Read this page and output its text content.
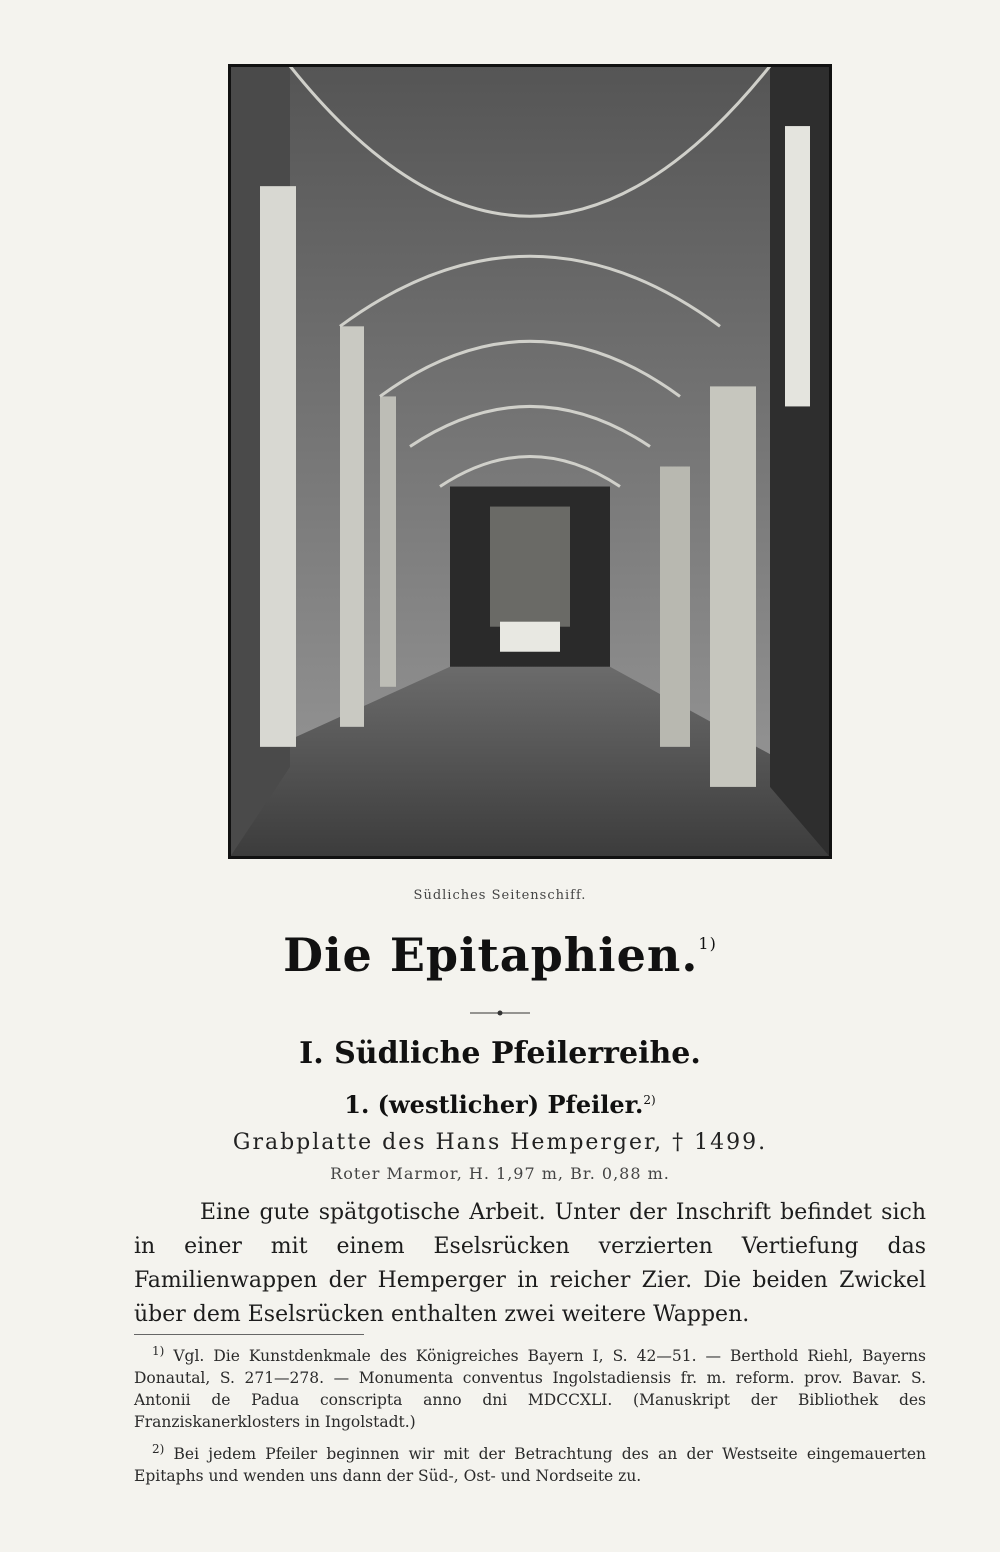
Südliches Seitenschiff.
Die Epitaphien.$^{1)}$
I. Südliche Pfeilerreihe.
1. (westlicher) Pfeiler.$^{2)}$
Grabplatte des Hans Hemperger, † 1499.
Roter Marmor, H. 1,97 m, Br. 0,88 m.
Eine gute spätgotische Arbeit. Unter der Inschrift befindet sich in einer mit einem Eselsrücken verzierten Vertiefung das Familienwappen der Hemperger in reicher Zier. Die beiden Zwickel über dem Eselsrücken enthalten zwei weitere Wappen.
$^{1)}$ Vgl. Die Kunstdenkmale des Königreiches Bayern I, S. 42—51. — Berthold Riehl, Bayerns Donautal, S. 271—278. — Monumenta conventus Ingolstadiensis fr. m. reform. prov. Bavar. S. Antonii de Padua conscripta anno dni MDCCXLI. (Manuskript der Bibliothek des Franziskanerklosters in Ingolstadt.)
$^{2)}$ Bei jedem Pfeiler beginnen wir mit der Betrachtung des an der Westseite eingemauerten Epitaphs und wenden uns dann der Süd-, Ost- und Nordseite zu.
